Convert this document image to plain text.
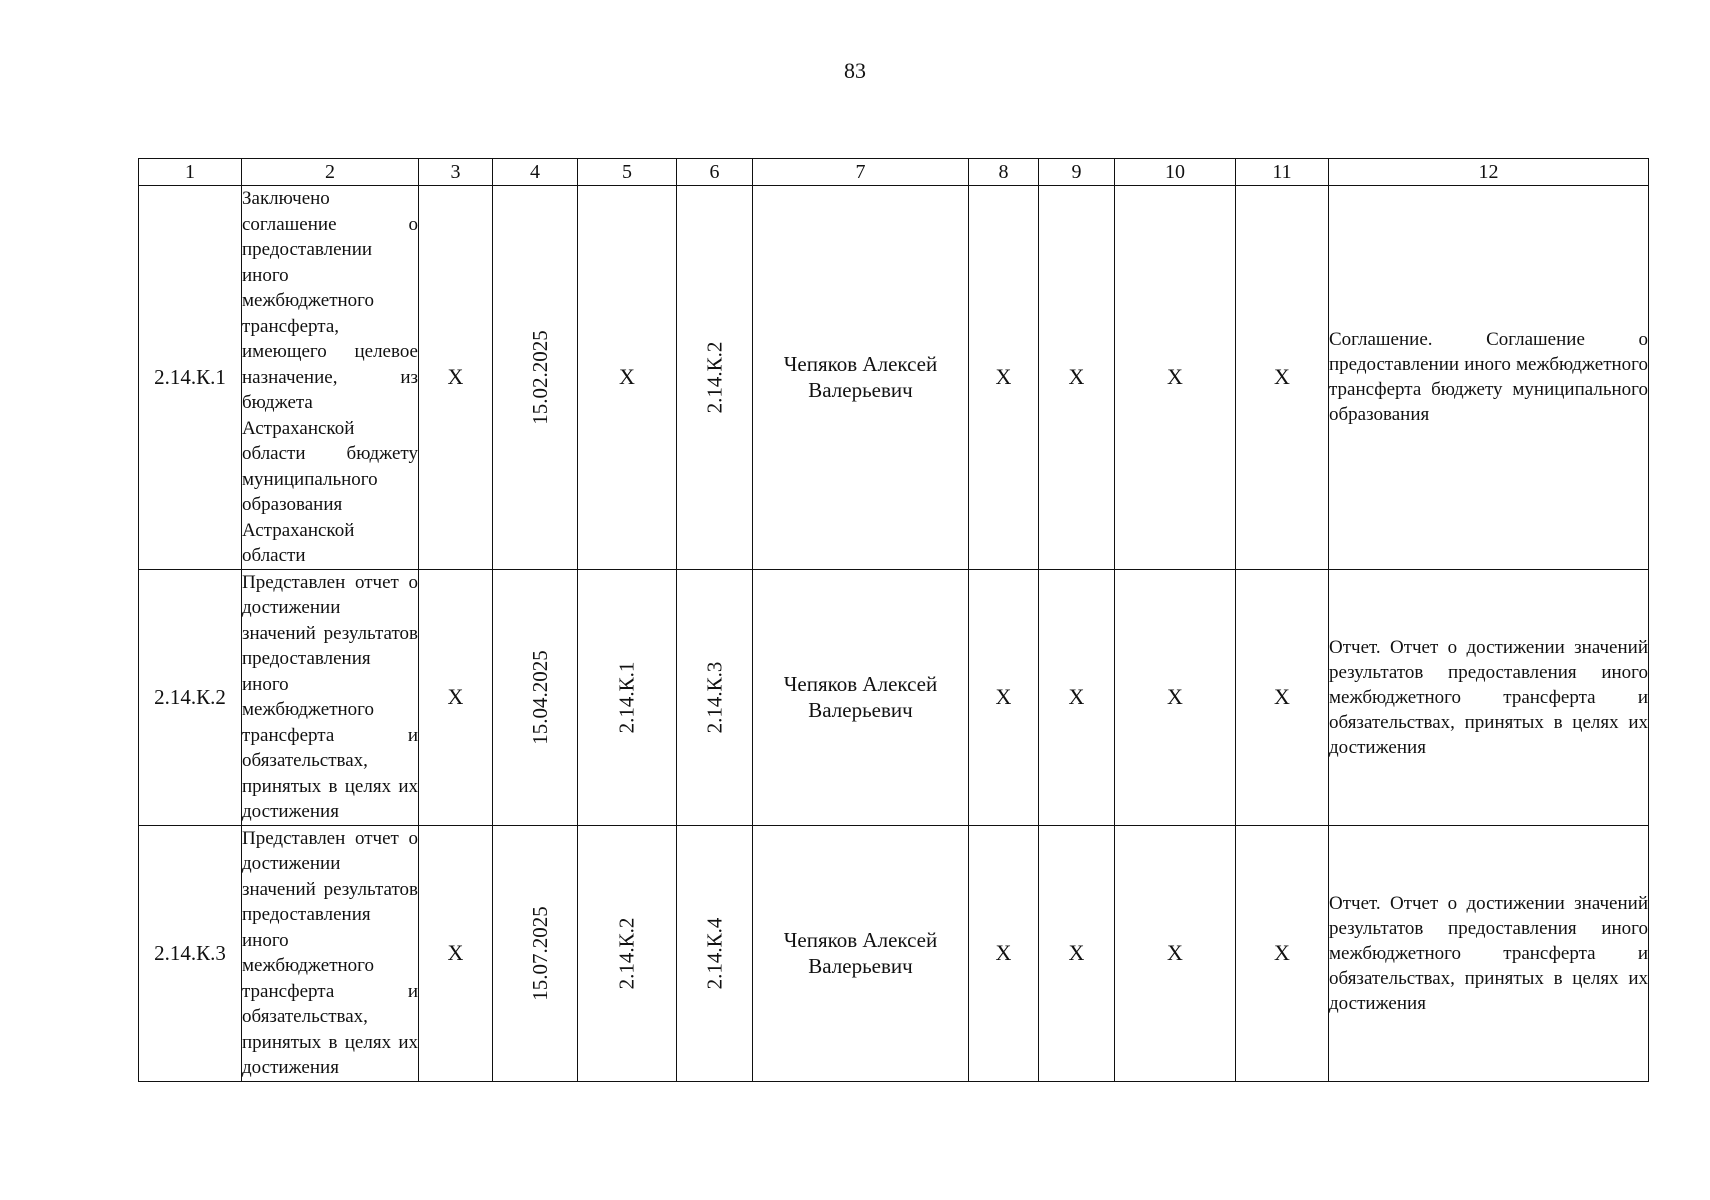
83
1	2	3	4	5	6	7	8	9	10	11	12
2.14.К.1	Заключено соглашение о предоставлении иного межбюджетного трансферта, имеющего целевое назначение, из бюджета Астраханской области бюджету муниципального образования Астраханской области	X	15.02.2025	X	2.14.К.2	Чепяков Алексей Валерьевич	X	X	X	X	Соглашение. Соглашение о предоставлении иного межбюджетного трансферта бюджету муниципального образования
2.14.К.2	Представлен отчет о достижении значений результатов предоставления иного межбюджетного трансферта и обязательствах, принятых в целях их достижения	X	15.04.2025	2.14.К.1	2.14.К.3	Чепяков Алексей Валерьевич	X	X	X	X	Отчет. Отчет о достижении значений результатов предоставления иного межбюджетного трансферта и обязательствах, принятых в целях их достижения
2.14.К.3	Представлен отчет о достижении значений результатов предоставления иного межбюджетного трансферта и обязательствах, принятых в целях их достижения	X	15.07.2025	2.14.К.2	2.14.К.4	Чепяков Алексей Валерьевич	X	X	X	X	Отчет. Отчет о достижении значений результатов предоставления иного межбюджетного трансферта и обязательствах, принятых в целях их достижения
